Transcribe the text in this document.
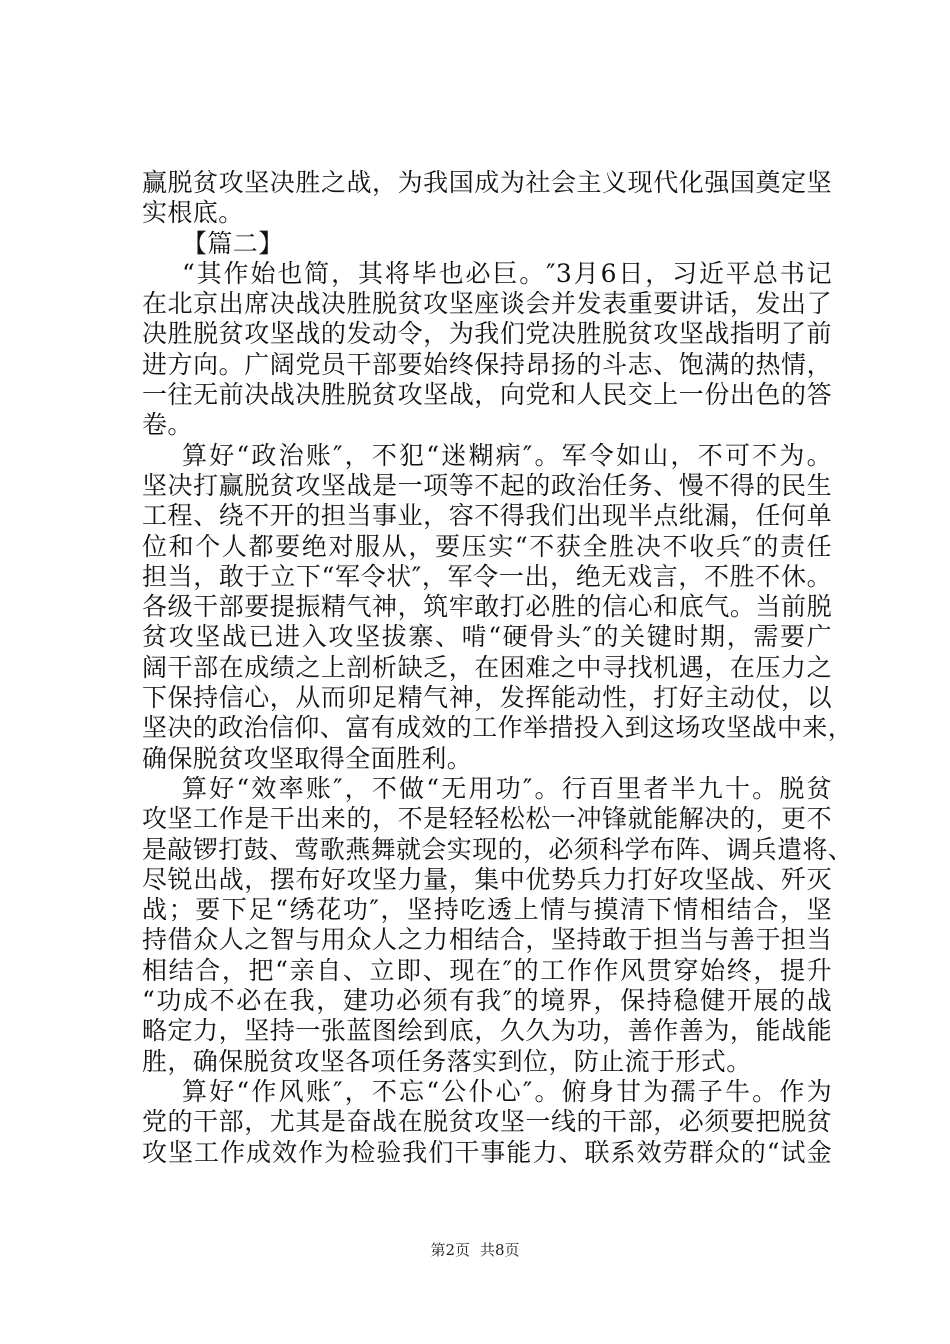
赢脱贫攻坚决胜之战，为我国成为社会主义现代化强国奠定坚
实根底。
【篇二】
“其作始也简，其将毕也必巨。″3月6日，习近平总书记
在北京出席决战决胜脱贫攻坚座谈会并发表重要讲话，发出了
决胜脱贫攻坚战的发动令，为我们党决胜脱贫攻坚战指明了前
进方向。广阔党员干部要始终保持昂扬的斗志、饱满的热情，
一往无前决战决胜脱贫攻坚战，向党和人民交上一份出色的答
卷。
算好“政治账″，不犯“迷糊病″。军令如山，不可不为。
坚决打赢脱贫攻坚战是一项等不起的政治任务、慢不得的民生
工程、绕不开的担当事业，容不得我们出现半点纰漏，任何单
位和个人都要绝对服从，要压实“不获全胜决不收兵″的责任
担当，敢于立下“军令状″，军令一出，绝无戏言，不胜不休。
各级干部要提振精气神，筑牢敢打必胜的信心和底气。当前脱
贫攻坚战已进入攻坚拔寨、啃“硬骨头″的关键时期，需要广
阔干部在成绩之上剖析缺乏，在困难之中寻找机遇，在压力之
下保持信心，从而卯足精气神，发挥能动性，打好主动仗，以
坚决的政治信仰、富有成效的工作举措投入到这场攻坚战中来，
确保脱贫攻坚取得全面胜利。
算好“效率账″，不做“无用功″。行百里者半九十。脱贫
攻坚工作是干出来的，不是轻轻松松一冲锋就能解决的，更不
是敲锣打鼓、莺歌燕舞就会实现的，必须科学布阵、调兵遣将、
尽锐出战，摆布好攻坚力量，集中优势兵力打好攻坚战、歼灭
战；要下足“绣花功″，坚持吃透上情与摸清下情相结合，坚
持借众人之智与用众人之力相结合，坚持敢于担当与善于担当
相结合，把“亲自、立即、现在″的工作作风贯穿始终，提升
“功成不必在我，建功必须有我″的境界，保持稳健开展的战
略定力，坚持一张蓝图绘到底，久久为功，善作善为，能战能
胜，确保脱贫攻坚各项任务落实到位，防止流于形式。
算好“作风账″，不忘“公仆心″。俯身甘为孺子牛。作为
党的干部，尤其是奋战在脱贫攻坚一线的干部，必须要把脱贫
攻坚工作成效作为检验我们干事能力、联系效劳群众的“试金
第2页 共8页
